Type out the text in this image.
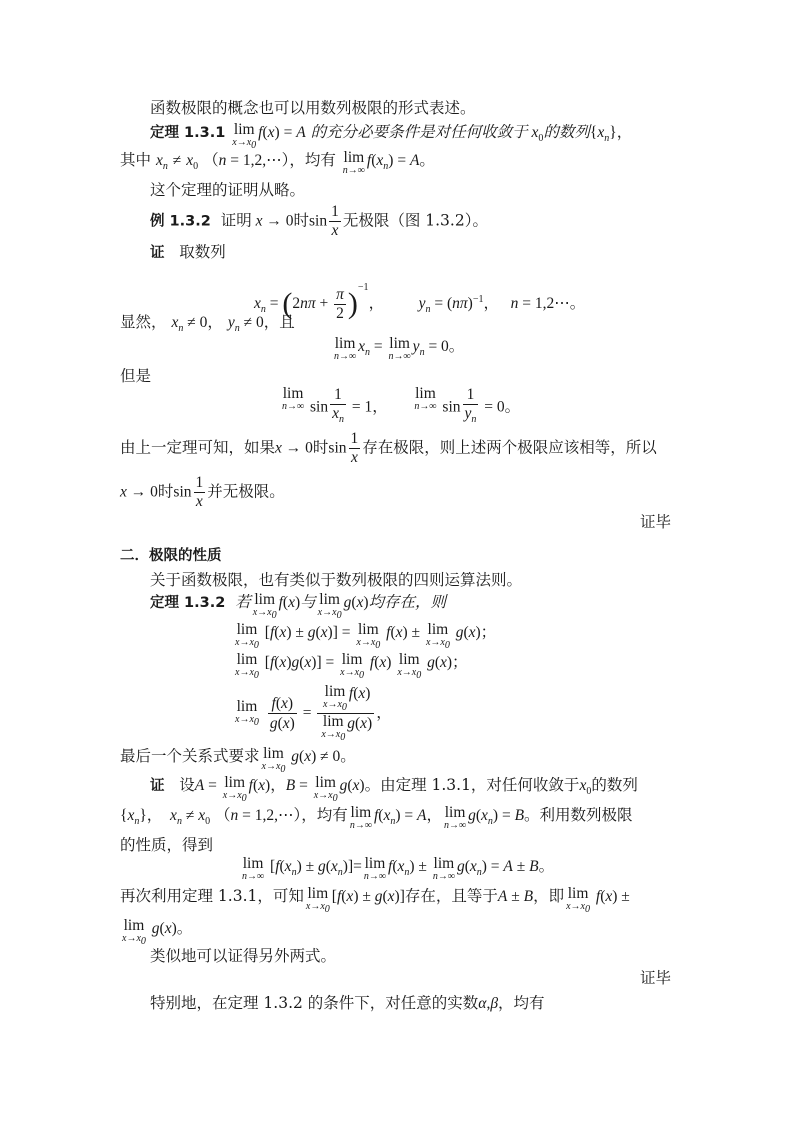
函数极限的概念也可以用数列极限的形式表述。
定理 1.3.1 lim
$x\to x_0$
f(x) = A 的充分必要条件是对任何收敛于 $x_0$的数列$\{x_n\}$，
其中 $x_n \ne x_0$ （n = 1,2,⋯），均有 lim
n→∞
$f(x_n) = A$。
这个定理的证明从略。
例 1.3.2 证明 x → 0时$\sin \frac{1}{x}$ 无极限（图 1.3.2）。
证 取数列
$x_n = (2n\pi + \frac{\pi}{2} )^{-1}$， $y_n = (n\pi)^{-1}$，   n = 1,2⋯。
显然， $x_n \ne 0$， $y_n \ne 0$，且
lim
n→∞
$x_n = \lim$
n→∞
$y_n = 0$。
但是
lim
n→∞ $\sin \frac{1}{x_n} = 1$，
lim
n→∞ $\sin \frac{1}{y_n} = 0$。
由上一定理可知，如果x → 0时$\sin \frac{1}{x}$ 存在极限，则上述两个极限应该相等，所以
x → 0时$\sin \frac{1}{x}$ 并无极限。
证毕
二．极限的性质
关于函数极限，也有类似于数列极限的四则运算法则。
定理 1.3.2 若 lim
$x\to x_0$
f(x)与 lim
$x\to x_0$
g(x)均存在，则
lim
$x\to x_0$
[f(x) ± g(x)] = lim
$x\to x_0$
f(x) ± lim
$x\to x_0$
g(x)；
lim
$x\to x_0$
[f(x)g(x)] = lim
$x\to x_0$
f(x) lim
$x\to x_0$
g(x)；
lim
$x\to x_0$
$\frac{f(x)}{g(x)} = \lim$
$x\to x_0$
f(x)
lim
$x\to x_0$
g(x) ，
最后一个关系式要求 lim
$x\to x_0$
g(x) ≠ 0。
证 设A = lim
$x\to x_0$
f(x)，B = lim
$x\to x_0$
g(x)。由定理 1.3.1，对任何收敛于$x_0$的数列
$\{x_n\}$，  $x_n \ne x_0$ （n = 1,2,⋯），均有 lim
n→∞
$f(x_n) = A$， lim
n→∞
$g(x_n) = B$。利用数列极限
的性质，得到
lim
n→∞
$[f(x_n) \pm g(x_n)]= \lim$
n→∞
$f(x_n) \pm \lim$
n→∞
$g(x_n) = A \pm B$。
再次利用定理 1.3.1，可知 lim
$x\to x_0$
[f(x) ± g(x)]存在，且等于A ± B，即 lim
$x\to x_0$
f(x) ±
lim
$x\to x_0$
g(x)。
类似地可以证得另外两式。
证毕
特别地，在定理 1.3.2 的条件下，对任意的实数α,β，均有
